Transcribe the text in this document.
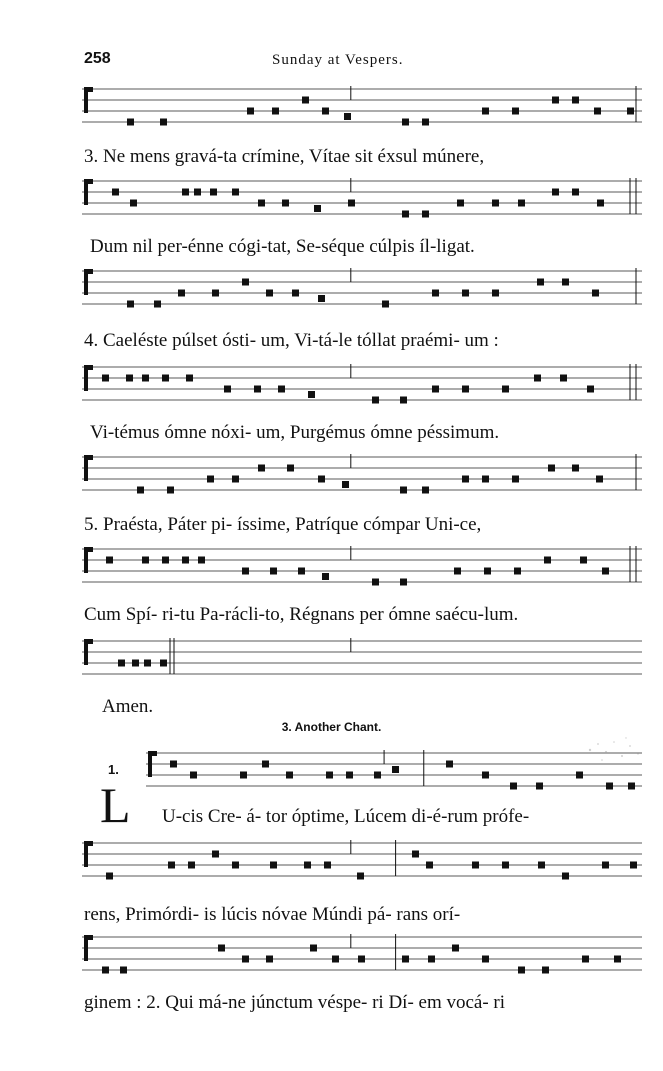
258	Sunday at Vespers.
3. Ne mens gravá-ta crímine, Vítae sit éxsul múnere,
Dum nil per-énne cógi-tat, Se-séque cúlpis íl-ligat.
4. Caeléste púlset ósti- um, Vi-tá-le tóllat praémi- um :
Vi-témus ómne nóxi- um, Purgémus ómne péssimum.
5. Praésta, Páter pi- íssime, Patríque cómpar Uni-ce,
Cum Spí- ri-tu Pa-rácli-to, Régnans per ómne saécu-lum.
Amen.
3. Another Chant.
1.
L U-cis Cre- á- tor óptime, Lúcem di-é-rum prófe-
rens, Primórdi- is lúcis nóvae Múndi pá- rans orí-
ginem : 2. Qui má-ne júnctum véspe- ri Dí- em vocá- ri
